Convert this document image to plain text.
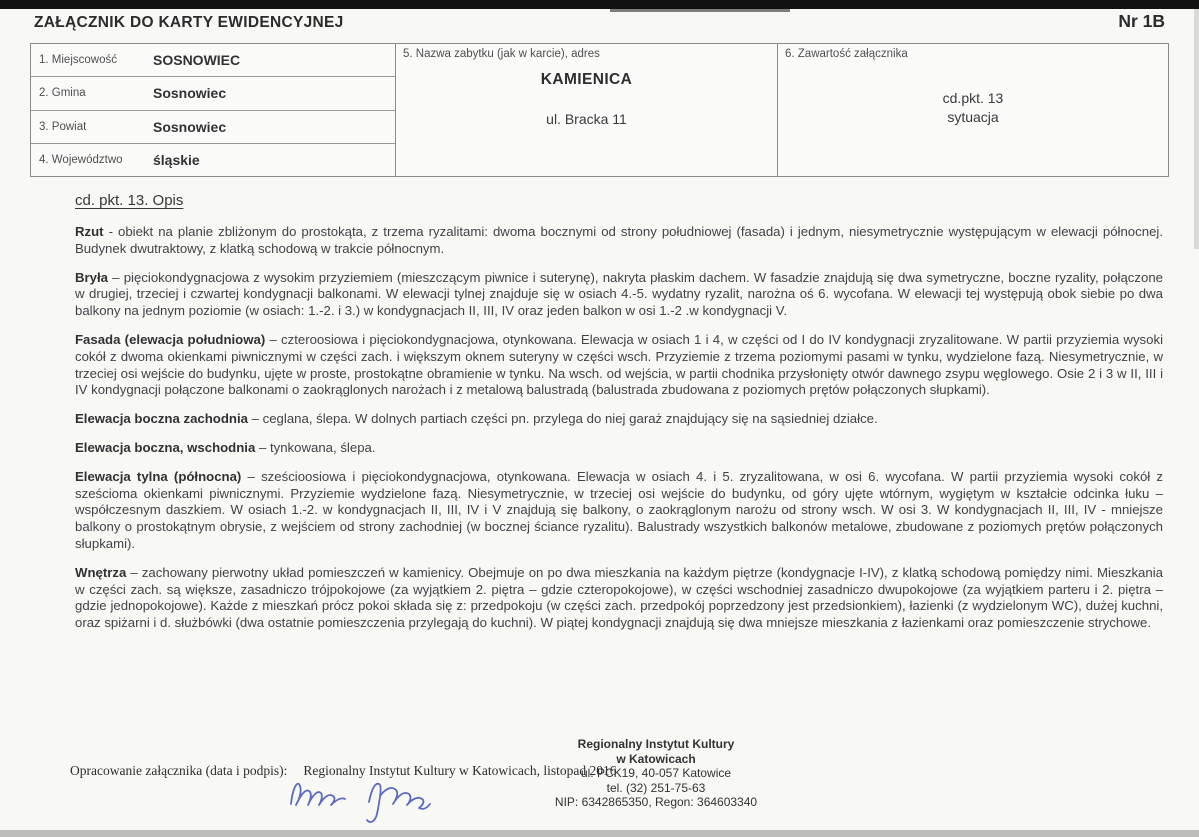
ZAŁĄCZNIK DO KARTY EWIDENCYJNEJ	Nr 1B
1. Miejscowość	SOSNOWIEC
2. Gmina	Sosnowiec
3. Powiat	Sosnowiec
4. Województwo	śląskie
5. Nazwa zabytku (jak w karcie), adres
KAMIENICA
ul. Bracka 11
6. Zawartość załącznika
cd.pkt. 13
sytuacja
cd. pkt. 13. Opis

Rzut - obiekt na planie zbliżonym do prostokąta, z trzema ryzalitami: dwoma bocznymi od strony południowej (fasada) i jednym, niesymetrycznie występującym w elewacji północnej. Budynek dwutraktowy, z klatką schodową w trakcie północnym.

Bryła – pięciokondygnacjowa z wysokim przyziemiem (mieszczącym piwnice i suterynę), nakryta płaskim dachem. W fasadzie znajdują się dwa symetryczne, boczne ryzality, połączone w drugiej, trzeciej i czwartej kondygnacji balkonami. W elewacji tylnej znajduje się w osiach 4.-5. wydatny ryzalit, narożna oś 6. wycofana. W elewacji tej występują obok siebie po dwa balkony na jednym poziomie (w osiach: 1.-2. i 3.) w kondygnacjach II, III, IV oraz jeden balkon w osi 1.-2 .w kondygnacji V.

Fasada (elewacja południowa) – czteroosiowa i pięciokondygnacjowa, otynkowana. Elewacja w osiach 1 i 4, w części od I do IV kondygnacji zryzalitowane. W partii przyziemia wysoki cokół z dwoma okienkami piwnicznymi w części zach. i większym oknem suteryny w części wsch. Przyziemie z trzema poziomymi pasami w tynku, wydzielone fazą. Niesymetrycznie, w trzeciej osi wejście do budynku, ujęte w proste, prostokątne obramienie w tynku. Na wsch. od wejścia, w partii chodnika przysłonięty otwór dawnego zsypu węglowego. Osie 2 i 3 w II, III i IV kondygnacji połączone balkonami o zaokrąglonych narożach i z metalową balustradą (balustrada zbudowana z poziomych prętów połączonych słupkami).

Elewacja boczna zachodnia – ceglana, ślepa. W dolnych partiach części pn. przylega do niej garaż znajdujący się na sąsiedniej działce.

Elewacja boczna, wschodnia – tynkowana, ślepa.

Elewacja tylna (północna) – sześcioosiowa i pięciokondygnacjowa, otynkowana. Elewacja w osiach 4. i 5. zryzalitowana, w osi 6. wycofana. W partii przyziemia wysoki cokół z sześcioma okienkami piwnicznymi. Przyziemie wydzielone fazą. Niesymetrycznie, w trzeciej osi wejście do budynku, od góry ujęte wtórnym, wygiętym w kształcie odcinka łuku – współczesnym daszkiem. W osiach 1.-2. w kondygnacjach II, III, IV i V znajdują się balkony, o zaokrąglonym narożu od strony wsch. W osi 3. W kondygnacjach II, III, IV - mniejsze balkony o prostokątnym obrysie, z wejściem od strony zachodniej (w bocznej ściance ryzalitu). Balustrady wszystkich balkonów metalowe, zbudowane z poziomych prętów połączonych słupkami).

Wnętrza – zachowany pierwotny układ pomieszczeń w kamienicy. Obejmuje on po dwa mieszkania na każdym piętrze (kondygnacje I-IV), z klatką schodową pomiędzy nimi. Mieszkania w części zach. są większe, zasadniczo trójpokojowe (za wyjątkiem 2. piętra – gdzie czteropokojowe), w części wschodniej zasadniczo dwupokojowe (za wyjątkiem parteru i 2. piętra – gdzie jednopokojowe). Każde z mieszkań prócz pokoi składa się z: przedpokoju (w części zach. przedpokój poprzedzony jest przedsionkiem), łazienki (z wydzielonym WC), dużej kuchni, oraz spiżarni i d. służbówki (dwa ostatnie pomieszczenia przylegają do kuchni). W piątej kondygnacji znajdują się dwa mniejsze mieszkania z łazienkami oraz pomieszczenie strychowe.

Opracowanie załącznika (data i podpis): Regionalny Instytut Kultury w Katowicach, listopad 2016
Regionalny Instytut Kultury
w Katowicach
ul. PCK19, 40-057 Katowice
tel. (32) 251-75-63
NIP: 6342865350, Regon: 364603340
